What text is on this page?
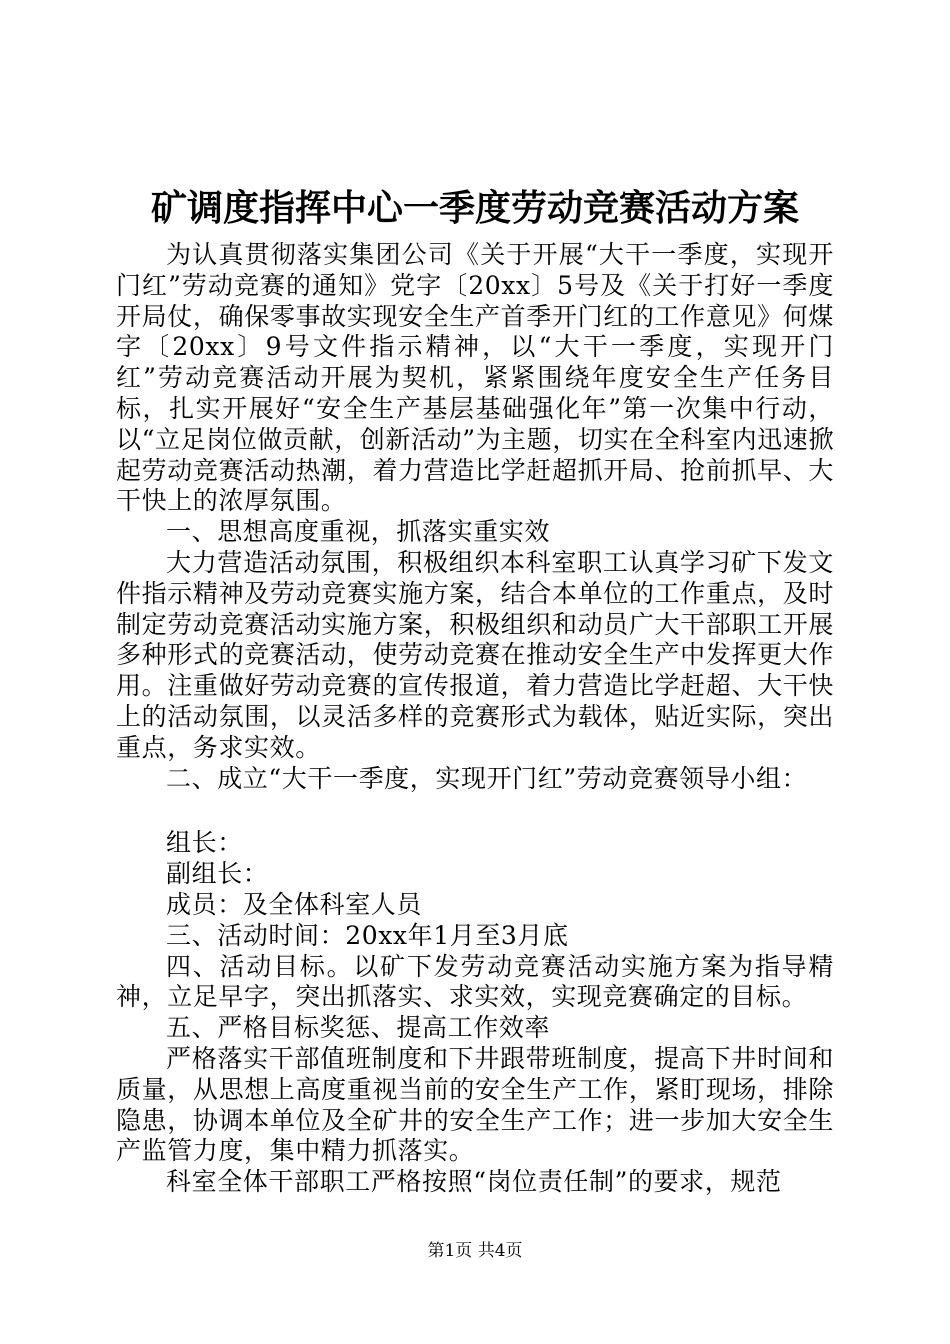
矿调度指挥中心一季度劳动竞赛活动方案

为认真贯彻落实集团公司《关于开展“大干一季度，实现开门红”劳动竞赛的通知》党字〔20xx〕5号及《关于打好一季度开局仗，确保零事故实现安全生产首季开门红的工作意见》何煤字〔20xx〕9号文件指示精神，以“大干一季度，实现开门红”劳动竞赛活动开展为契机，紧紧围绕年度安全生产任务目标，扎实开展好“安全生产基层基础强化年”第一次集中行动，以“立足岗位做贡献，创新活动”为主题，切实在全科室内迅速掀起劳动竞赛活动热潮，着力营造比学赶超抓开局、抢前抓早、大干快上的浓厚氛围。

一、思想高度重视，抓落实重实效

大力营造活动氛围，积极组织本科室职工认真学习矿下发文件指示精神及劳动竞赛实施方案，结合本单位的工作重点，及时制定劳动竞赛活动实施方案，积极组织和动员广大干部职工开展多种形式的竞赛活动，使劳动竞赛在推动安全生产中发挥更大作用。注重做好劳动竞赛的宣传报道，着力营造比学赶超、大干快上的活动氛围，以灵活多样的竞赛形式为载体，贴近实际，突出重点，务求实效。

二、成立“大干一季度，实现开门红”劳动竞赛领导小组：

组长：

副组长：

成员：及全体科室人员

三、活动时间：20xx年1月至3月底

四、活动目标。以矿下发劳动竞赛活动实施方案为指导精神，立足早字，突出抓落实、求实效，实现竞赛确定的目标。

五、严格目标奖惩、提高工作效率

严格落实干部值班制度和下井跟带班制度，提高下井时间和质量，从思想上高度重视当前的安全生产工作，紧盯现场，排除隐患，协调本单位及全矿井的安全生产工作；进一步加大安全生产监管力度，集中精力抓落实。

科室全体干部职工严格按照“岗位责任制”的要求，规范

第1页 共4页
